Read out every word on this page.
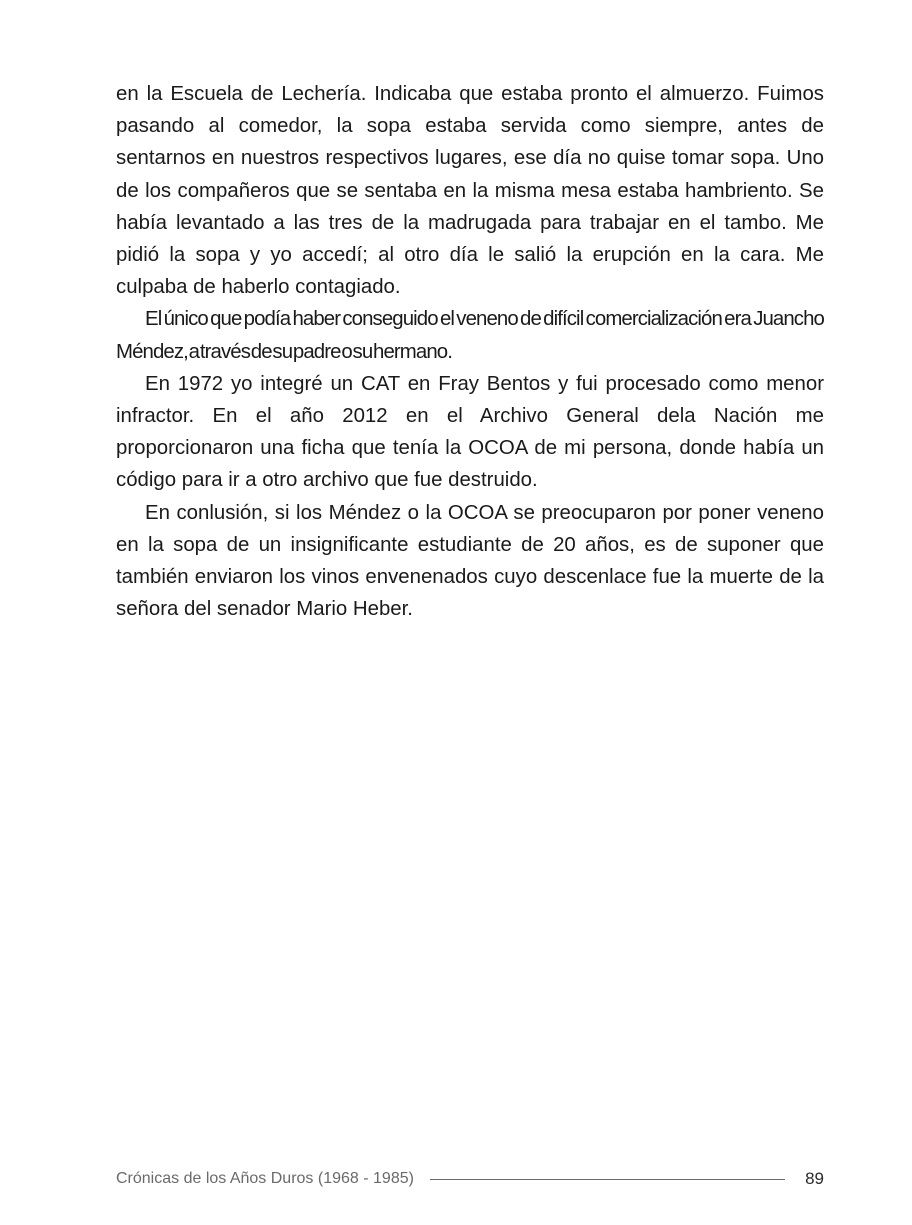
en la Escuela de Lechería. Indicaba que estaba pronto el almuerzo. Fuimos pasando al comedor, la sopa estaba servida como siempre, antes de sentarnos en nuestros respectivos lugares, ese día no quise tomar sopa. Uno de los compañeros que se sentaba en la misma mesa estaba hambriento. Se había levantado a las tres de la madrugada para trabajar en el tambo. Me pidió la sopa y yo accedí; al otro día le salió la erupción en la cara. Me culpaba de haberlo contagiado.

El único que podía haber conseguido el veneno de difícil comercialización era Juancho Méndez, a través de su padre o su hermano.

En 1972 yo integré un CAT en Fray Bentos y fui procesado como menor infractor. En el año 2012 en el Archivo General dela Nación me proporcionaron una ficha que tenía la OCOA de mi persona, donde había un código para ir a otro archivo que fue destruido.

En conlusión, si los Méndez o la OCOA se preocuparon por poner veneno en la sopa de un insignificante estudiante de 20 años, es de suponer que también enviaron los vinos envenenados cuyo descenlace fue la muerte de la señora del senador Mario Heber.

Crónicas de los Años Duros (1968 - 1985)	89
